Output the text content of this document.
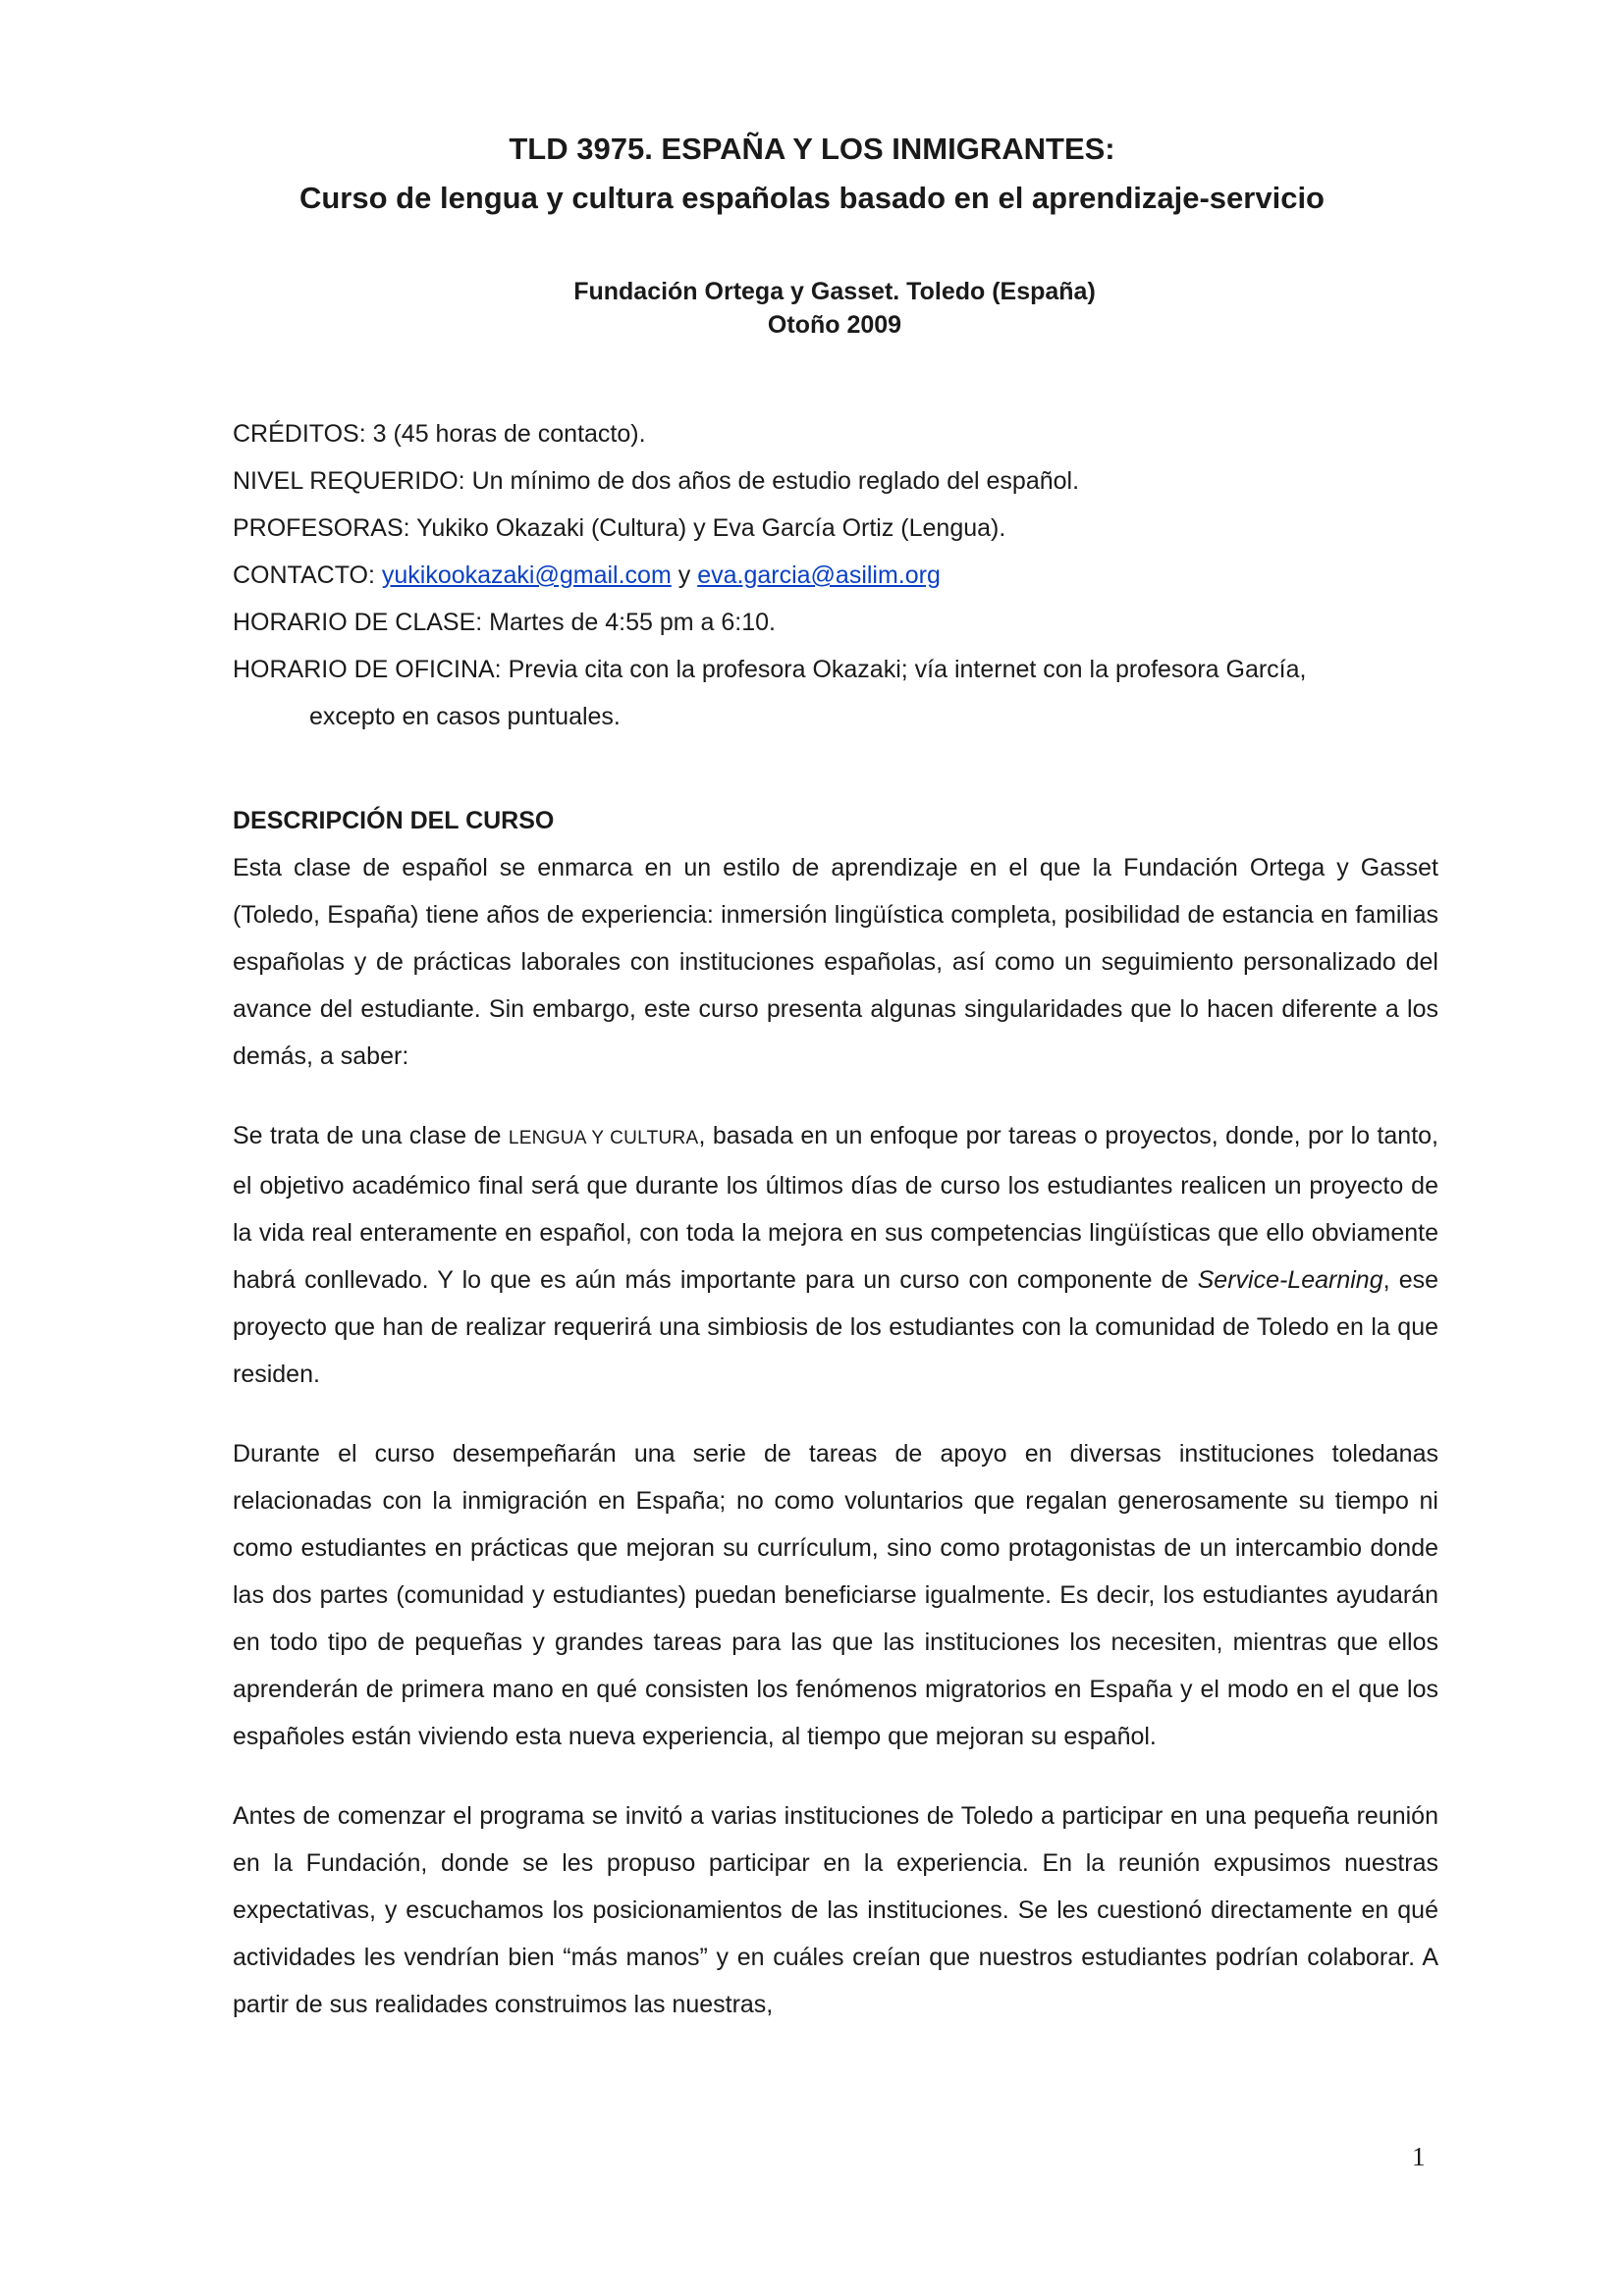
TLD 3975. ESPAÑA Y LOS INMIGRANTES:

Curso de lengua y cultura españolas basado en el aprendizaje-servicio

Fundación Ortega y Gasset. Toledo (España)

Otoño 2009

CRÉDITOS: 3 (45 horas de contacto).

NIVEL REQUERIDO: Un mínimo de dos años de estudio reglado del español.

PROFESORAS: Yukiko Okazaki (Cultura) y Eva García Ortiz (Lengua).

CONTACTO: yukikookazaki@gmail.com y eva.garcia@asilim.org

HORARIO DE CLASE: Martes de 4:55 pm a 6:10.

HORARIO DE OFICINA: Previa cita con la profesora Okazaki; vía internet con la profesora García,

excepto en casos puntuales.

DESCRIPCIÓN DEL CURSO

Esta clase de español se enmarca en un estilo de aprendizaje en el que la Fundación Ortega y Gasset (Toledo, España) tiene años de experiencia: inmersión lingüística completa, posibilidad de estancia en familias españolas y de prácticas laborales con instituciones españolas, así como un seguimiento personalizado del avance del estudiante. Sin embargo, este curso presenta algunas singularidades que lo hacen diferente a los demás, a saber:

Se trata de una clase de LENGUA Y CULTURA, basada en un enfoque por tareas o proyectos, donde, por lo tanto, el objetivo académico final será que durante los últimos días de curso los estudiantes realicen un proyecto de la vida real enteramente en español, con toda la mejora en sus competencias lingüísticas que ello obviamente habrá conllevado. Y lo que es aún más importante para un curso con componente de Service-Learning, ese proyecto que han de realizar requerirá una simbiosis de los estudiantes con la comunidad de Toledo en la que residen.

Durante el curso desempeñarán una serie de tareas de apoyo en diversas instituciones toledanas relacionadas con la inmigración en España; no como voluntarios que regalan generosamente su tiempo ni como estudiantes en prácticas que mejoran su currículum, sino como protagonistas de un intercambio donde las dos partes (comunidad y estudiantes) puedan beneficiarse igualmente. Es decir, los estudiantes ayudarán en todo tipo de pequeñas y grandes tareas para las que las instituciones los necesiten, mientras que ellos aprenderán de primera mano en qué consisten los fenómenos migratorios en España y el modo en el que los españoles están viviendo esta nueva experiencia, al tiempo que mejoran su español.

Antes de comenzar el programa se invitó a varias instituciones de Toledo a participar en una pequeña reunión en la Fundación, donde se les propuso participar en la experiencia. En la reunión expusimos nuestras expectativas, y escuchamos los posicionamientos de las instituciones. Se les cuestionó directamente en qué actividades les vendrían bien “más manos” y en cuáles creían que nuestros estudiantes podrían colaborar. A partir de sus realidades construimos las nuestras,

1
